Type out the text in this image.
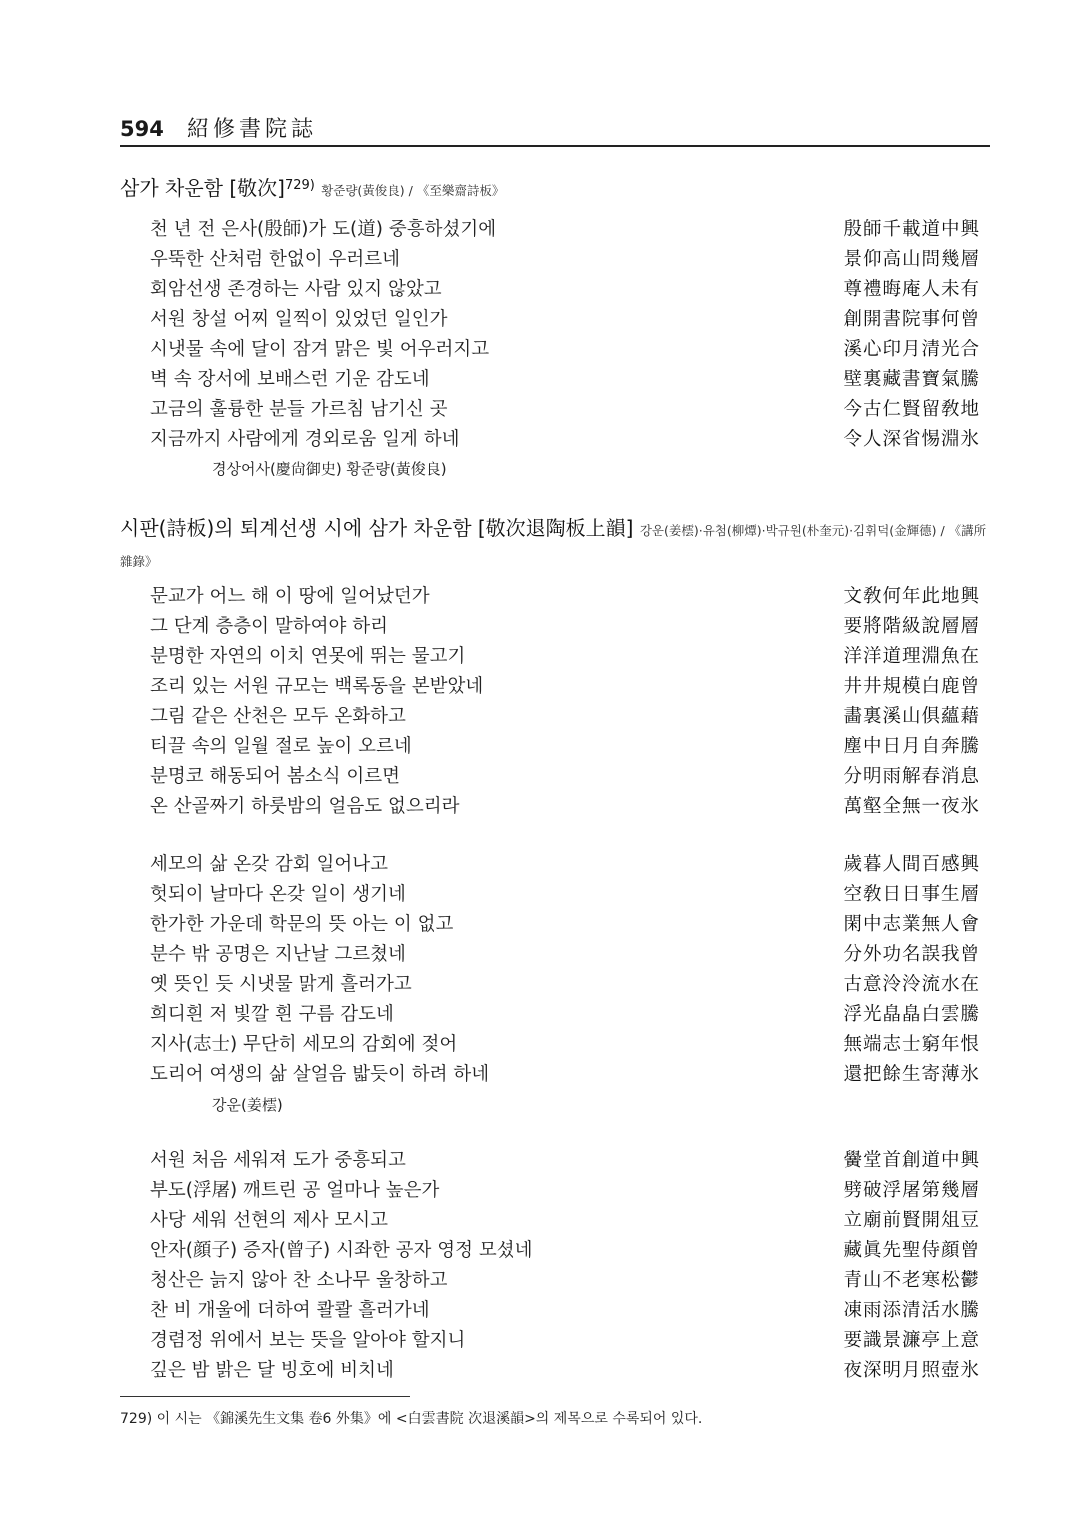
594 紹修書院誌
삼가 차운함 [敬次]$^{729)}$ 황준량(黃俊良) / 《至樂齋詩板》
천 년 전 은사(殷師)가 도(道) 중흥하셨기에	殷師千載道中興
우뚝한 산처럼 한없이 우러르네	景仰高山問幾層
회암선생 존경하는 사람 있지 않았고	尊禮晦庵人未有
서원 창설 어찌 일찍이 있었던 일인가	創開書院事何曾
시냇물 속에 달이 잠겨 맑은 빛 어우러지고	溪心印月清光合
벽 속 장서에 보배스런 기운 감도네	壁裏藏書寶氣騰
고금의 훌륭한 분들 가르침 남기신 곳	今古仁賢留敎地
지금까지 사람에게 경외로움 일게 하네	令人深省惕淵氷
경상어사(慶尙御史) 황준량(黃俊良)
시판(詩板)의 퇴계선생 시에 삼가 차운함 [敬次退陶板上韻] 강운(姜橒)·유첨(柳燂)·박규원(朴奎元)·김휘덕(金輝德) / 《講所
雜錄》
문교가 어느 해 이 땅에 일어났던가	文敎何年此地興
그 단계 층층이 말하여야 하리	要將階級說層層
분명한 자연의 이치 연못에 뛰는 물고기	洋洋道理淵魚在
조리 있는 서원 규모는 백록동을 본받았네	井井規模白鹿曾
그림 같은 산천은 모두 온화하고	畵裏溪山俱蘊藉
티끌 속의 일월 절로 높이 오르네	塵中日月自奔騰
분명코 해동되어 봄소식 이르면	分明雨解春消息
온 산골짜기 하룻밤의 얼음도 없으리라	萬壑全無一夜氷
세모의 삶 온갖 감회 일어나고	歲暮人間百感興
헛되이 날마다 온갖 일이 생기네	空敎日日事生層
한가한 가운데 학문의 뜻 아는 이 없고	閑中志業無人會
분수 밖 공명은 지난날 그르쳤네	分外功名誤我曾
옛 뜻인 듯 시냇물 맑게 흘러가고	古意泠泠流水在
희디흰 저 빛깔 흰 구름 감도네	浮光皛皛白雲騰
지사(志士) 무단히 세모의 감회에 젖어	無端志士窮年恨
도리어 여생의 삶 살얼음 밟듯이 하려 하네	還把餘生寄薄氷
강운(姜橒)
서원 처음 세워져 도가 중흥되고	黌堂首創道中興
부도(浮屠) 깨트린 공 얼마나 높은가	劈破浮屠第幾層
사당 세워 선현의 제사 모시고	立廟前賢開俎豆
안자(顔子) 증자(曾子) 시좌한 공자 영정 모셨네	藏眞先聖侍顔曾
청산은 늙지 않아 찬 소나무 울창하고	青山不老寒松鬱
찬 비 개울에 더하여 콸콸 흘러가네	凍雨添清活水騰
경렴정 위에서 보는 뜻을 알아야 할지니	要識景濂亭上意
깊은 밤 밝은 달 빙호에 비치네	夜深明月照壺氷
729) 이 시는 《錦溪先生文集 卷6 外集》에 <白雲書院 次退溪韻>의 제목으로 수록되어 있다.
